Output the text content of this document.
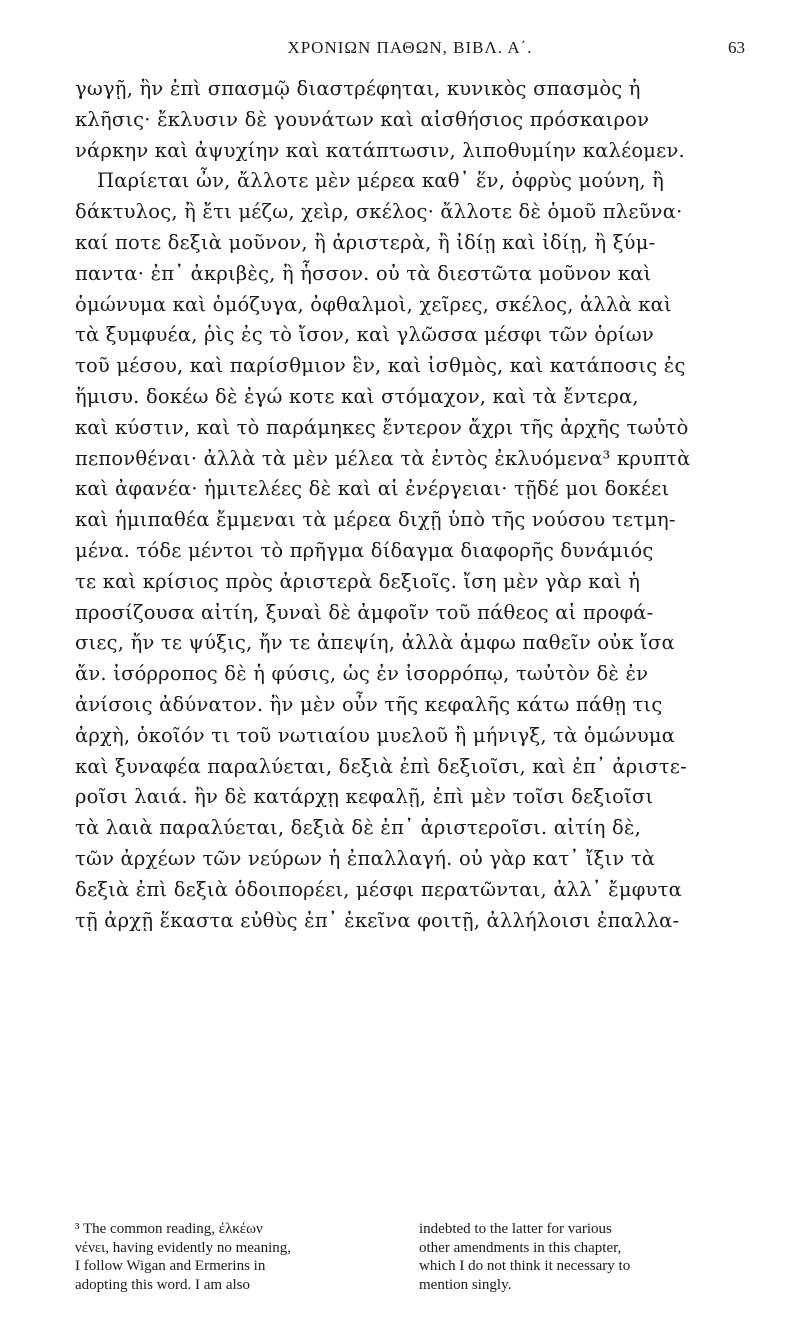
ΧΡΟΝΙΩΝ ΠΑΘΩΝ, ΒΙΒΛ. Α΄.	63
γωγῇ, ἣν ἐπὶ σπασμῷ διαστρέφηται, κυνικὸς σπασμὸς ἡ
κλῆσις· ἔκλυσιν δὲ γουνάτων καὶ αἰσθήσιος πρόσκαιρον
νάρκην καὶ ἀψυχίην καὶ κατάπτωσιν, λιποθυμίην καλέομεν.
Παρίεται ὦν, ἄλλοτε μὲν μέρεα καθ᾽ ἕν, ὀφρὺς μούνη, ἢ
δάκτυλος, ἢ ἔτι μέζω, χεὶρ, σκέλος· ἄλλοτε δὲ ὁμοῦ πλεῦνα·
καί ποτε δεξιὰ μοῦνον, ἢ ἀριστερὰ, ἢ ἰδίῃ καὶ ἰδίῃ, ἢ ξύμ-
παντα· ἐπ᾽ ἀκριβὲς, ἢ ἧσσον. οὐ τὰ διεστῶτα μοῦνον καὶ
ὁμώνυμα καὶ ὁμόζυγα, ὀφθαλμοὶ, χεῖρες, σκέλος, ἀλλὰ καὶ
τὰ ξυμφυέα, ῥὶς ἐς τὸ ἴσον, καὶ γλῶσσα μέσφι τῶν ὁρίων
τοῦ μέσου, καὶ παρίσθμιον ἓν, καὶ ἰσθμὸς, καὶ κατάποσις ἐς
ἥμισυ. δοκέω δὲ ἐγώ κοτε καὶ στόμαχον, καὶ τὰ ἔντερα,
καὶ κύστιν, καὶ τὸ παράμηκες ἔντερον ἄχρι τῆς ἀρχῆς τωὐτὸ
πεπονθέναι· ἀλλὰ τὰ μὲν μέλεα τὰ ἐντὸς ἐκλυόμενα³ κρυπτὰ
καὶ ἀφανέα· ἡμιτελέες δὲ καὶ αἱ ἐνέργειαι· τῇδέ μοι δοκέει
καὶ ἡμιπαθέα ἔμμεναι τὰ μέρεα διχῇ ὑπὸ τῆς νούσου τετμη-
μένα. τόδε μέντοι τὸ πρῆγμα δίδαγμα διαφορῆς δυνάμιός
τε καὶ κρίσιος πρὸς ἀριστερὰ δεξιοῖς. ἴση μὲν γὰρ καὶ ἡ
προσίζουσα αἰτίη, ξυναὶ δὲ ἀμφοῖν τοῦ πάθεος αἱ προφά-
σιες, ἤν τε ψύξις, ἤν τε ἀπεψίη, ἀλλὰ ἀμφω παθεῖν οὐκ ἴσα
ἄν. ἰσόρροπος δὲ ἡ φύσις, ὡς ἐν ἰσορρόπῳ, τωὐτὸν δὲ ἐν
ἀνίσοις ἀδύνατον. ἢν μὲν οὖν τῆς κεφαλῆς κάτω πάθῃ τις
ἀρχὴ, ὁκοῖόν τι τοῦ νωτιαίου μυελοῦ ἢ μήνιγξ, τὰ ὁμώνυμα
καὶ ξυναφέα παραλύεται, δεξιὰ ἐπὶ δεξιοῖσι, καὶ ἐπ᾽ ἀριστε-
ροῖσι λαιά. ἢν δὲ κατάρχῃ κεφαλῇ, ἐπὶ μὲν τοῖσι δεξιοῖσι
τὰ λαιὰ παραλύεται, δεξιὰ δὲ ἐπ᾽ ἀριστεροῖσι. αἰτίη δὲ,
τῶν ἀρχέων τῶν νεύρων ἡ ἐπαλλαγή. οὐ γὰρ κατ᾽ ἴξιν τὰ
δεξιὰ ἐπὶ δεξιὰ ὁδοιπορέει, μέσφι περατῶνται, ἀλλ᾽ ἔμφυτα
τῇ ἀρχῇ ἕκαστα εὐθὺς ἐπ᾽ ἐκεῖνα φοιτῇ, ἀλλήλοισι ἐπαλλα-
³ The common reading, ἐλκέων
νένει, having evidently no meaning,
I follow Wigan and Ermerins in
adopting this word. I am also
indebted to the latter for various
other amendments in this chapter,
which I do not think it necessary to
mention singly.
